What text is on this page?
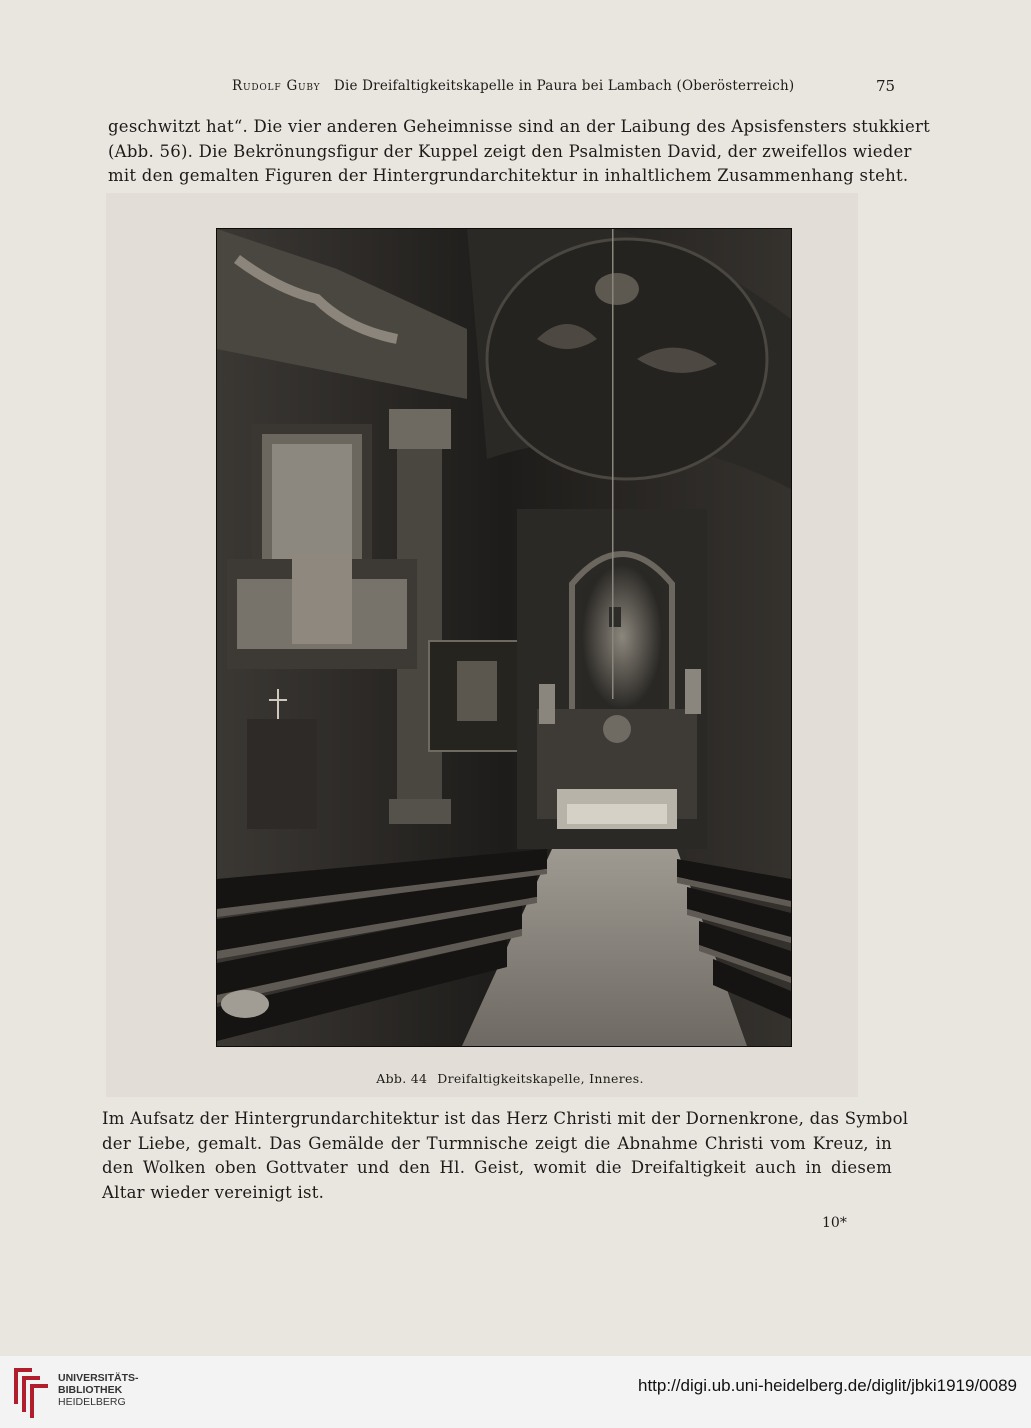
Rudolf Guby Die Dreifaltigkeitskapelle in Paura bei Lambach (Oberösterreich)	75
geschwitzt hat“. Die vier anderen Geheimnisse sind an der Laibung des Apsisfensters stukkiert
(Abb. 56). Die Bekrönungsfigur der Kuppel zeigt den Psalmisten David, der zweifellos wieder
mit den gemalten Figuren der Hintergrundarchitektur in inhaltlichem Zusammenhang steht.
Abb. 44 Dreifaltigkeitskapelle, Inneres.
Im Aufsatz der Hintergrundarchitektur ist das Herz Christi mit der Dornenkrone, das Symbol
der Liebe, gemalt. Das Gemälde der Turmnische zeigt die Abnahme Christi vom Kreuz, in
den Wolken oben Gottvater und den Hl. Geist, womit die Dreifaltigkeit auch in diesem
Altar wieder vereinigt ist.
10*
UNIVERSITÄTS-
BIBLIOTHEK
HEIDELBERG
http://digi.ub.uni-heidelberg.de/diglit/jbki1919/0089
